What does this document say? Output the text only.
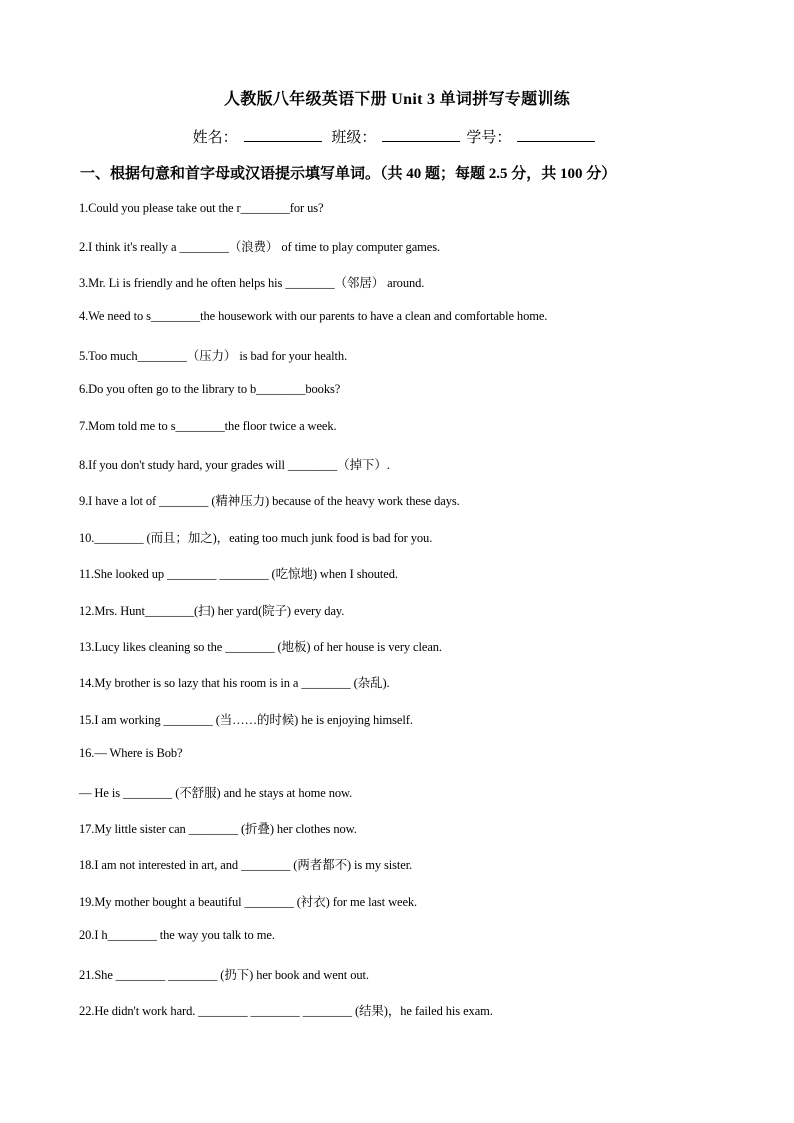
人教版八年级英语下册 Unit 3 单词拼写专题训练
姓名：	班级：	学号：
一、根据句意和首字母或汉语提示填写单词。（共 40 题；每题 2.5 分，共 100 分）
1.Could you please take out the r________for us?
2.I think it's really a ________（浪费） of time to play computer games.
3.Mr. Li is friendly and he often helps his ________（邻居） around.
4.We need to s________the housework with our parents to have a clean and comfortable home.
5.Too much________（压力） is bad for your health.
6.Do you often go to the library to b________books?
7.Mom told me to s________the floor twice a week.
8.If you don't study hard, your grades will ________（掉下）.
9.I have a lot of ________ (精神压力) because of the heavy work these days.
10.________ (而且；加之)，eating too much junk food is bad for you.
11.She looked up ________ ________ (吃惊地) when I shouted.
12.Mrs. Hunt________(扫) her yard(院子) every day.
13.Lucy likes cleaning so the ________ (地板) of her house is very clean.
14.My brother is so lazy that his room is in a ________ (杂乱).
15.I am working ________ (当……的时候) he is enjoying himself.
16.— Where is Bob?
— He is ________ (不舒服) and he stays at home now.
17.My little sister can ________ (折叠) her clothes now.
18.I am not interested in art, and ________ (两者都不) is my sister.
19.My mother bought a beautiful ________ (衬衣) for me last week.
20.I h________ the way you talk to me.
21.She ________ ________ (扔下) her book and went out.
22.He didn't work hard. ________ ________ ________ (结果)，he failed his exam.
